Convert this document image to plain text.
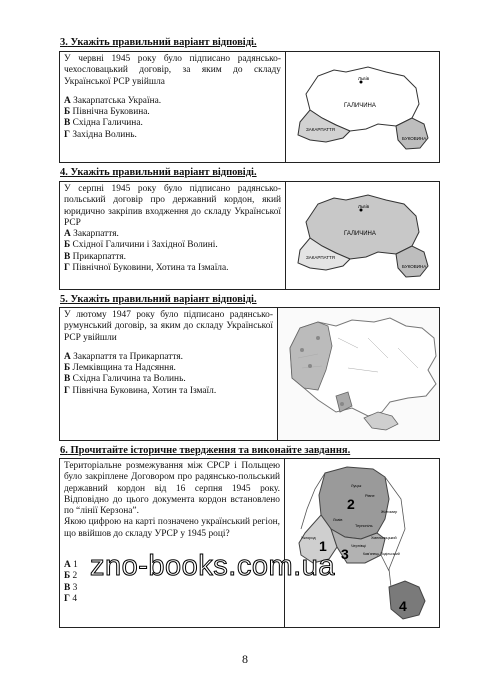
3. Укажіть правильний варіант відповіді.
У червні 1945 року було підписано радянсько-чехословацький договір, за яким до складу Української РСР увійшла

А Закарпатська Україна.

Б Північна Буковина.

В Східна Галичина.

Г Західна Волинь.

Львів
ГАЛИЧИНА
ЗАКАРПАТТЯ
БУКОВИНА
4. Укажіть правильний варіант відповіді.
У серпні 1945 року було підписано радянсько-польський договір про державний кордон, який юридично закріпив входження до складу Української РСР

А Закарпаття.

Б Східної Галичини і Західної Волині.

В Прикарпаття.

Г Північної Буковини, Хотина та Ізмаїла.

Львів
ГАЛИЧИНА
ЗАКАРПАТТЯ
БУКОВИНА
5. Укажіть правильний варіант відповіді.
У лютому 1947 року було підписано радянсько-румунський договір, за яким до складу Української РСР увійшли

А Закарпаття та Прикарпаття.

Б Лемківщина та Надсяння.

В Східна Галичина та Волинь.

Г Північна Буковина, Хотин та Ізмаїл.

6. Прочитайте історичне твердження та виконайте завдання.

Територіальне розмежування між СРСР і Польщею було закріплене Договором про радянсько-польський державний кордон від 16 серпня 1945 року. Відповідно до цього документа кордон встановлено по “лінії Керзона”.

Якою цифрою на карті позначено український регіон, що ввійшов до складу УРСР у 1945 році?

А 1

Б 2

В 3

Г 4

2
1 3
4
Луцьк
Рівне
Житомир
Львів
Тернопіль
Хмельницький
Ужгород
Чернівці
Кам'янець-Подільський
zno-books.com.ua
8
